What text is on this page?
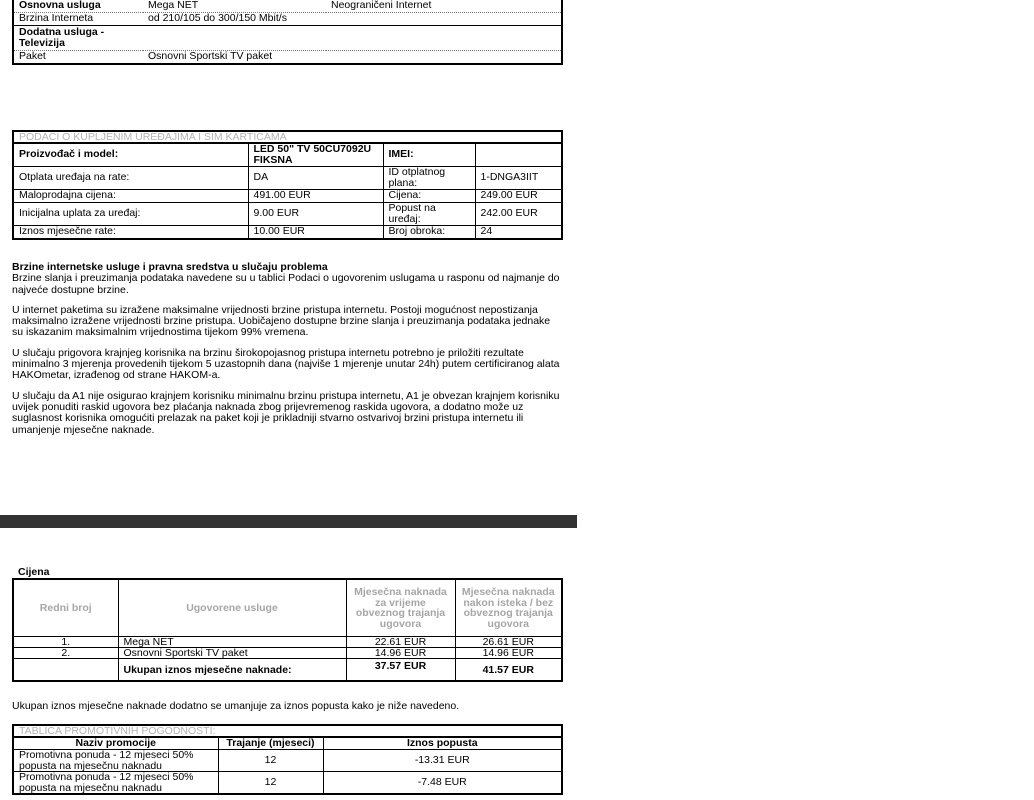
Osnovna usluga	Mega NET	Neograničeni Internet
Brzina Interneta	od 210/105 do 300/150 Mbit/s	
Dodatna usluga - Televizija		
Paket	Osnovni Sportski TV paket	
PODACI O KUPLJENIM UREĐAJIMA I SIM KARTICAMA
Proizvođač i model:	LED 50" TV 50CU7092U FIKSNA	IMEI:	
Otplata uređaja na rate:	DA	ID otplatnog plana:	1-DNGA3IIT
Maloprodajna cijena:	491.00 EUR	Cijena:	249.00 EUR
Inicijalna uplata za uređaj:	9.00 EUR	Popust na uređaj:	242.00 EUR
Iznos mjesečne rate:	10.00 EUR	Broj obroka:	24

Brzine internetske usluge i pravna sredstva u slučaju problema
Brzine slanja i preuzimanja podataka navedene su u tablici Podaci o ugovorenim uslugama u rasponu od najmanje do najveće dostupne brzine.

U internet paketima su izražene maksimalne vrijednosti brzine pristupa internetu. Postoji mogućnost nepostizanja maksimalno izražene vrijednosti brzine pristupa. Uobičajeno dostupne brzine slanja i preuzimanja podataka jednake su iskazanim maksimalnim vrijednostima tijekom 99% vremena.

U slučaju prigovora krajnjeg korisnika na brzinu širokopojasnog pristupa internetu potrebno je priložiti rezultate minimalno 3 mjerenja provedenih tijekom 5 uzastopnih dana (najviše 1 mjerenje unutar 24h) putem certificiranog alata HAKOmetar, izrađenog od strane HAKOM-a.

U slučaju da A1 nije osigurao krajnjem korisniku minimalnu brzinu pristupa internetu, A1 je obvezan krajnjem korisniku uvijek ponuditi raskid ugovora bez plaćanja naknada zbog prijevremenog raskida ugovora, a dodatno može uz suglasnost korisnika omogućiti prelazak na paket koji je prikladniji stvarno ostvarivoj brzini pristupa internetu ili umanjenje mjesečne naknade.

Cijena
Redni broj	Ugovorene usluge	Mjesečna naknada za vrijeme obveznog trajanja ugovora	Mjesečna naknada nakon isteka / bez obveznog trajanja ugovora
1.	Mega NET	22.61 EUR	26.61 EUR
2.	Osnovni Sportski TV paket	14.96 EUR	14.96 EUR
	Ukupan iznos mjesečne naknade:	37.57 EUR	41.57 EUR
Ukupan iznos mjesečne naknade dodatno se umanjuje za iznos popusta kako je niže navedeno.
TABLICA PROMOTIVNIH POGODNOSTI:
Naziv promocije	Trajanje (mjeseci)	Iznos popusta
Promotivna ponuda - 12 mjeseci 50% popusta na mjesečnu naknadu	12	-13.31 EUR
Promotivna ponuda - 12 mjeseci 50% popusta na mjesečnu naknadu	12	-7.48 EUR
